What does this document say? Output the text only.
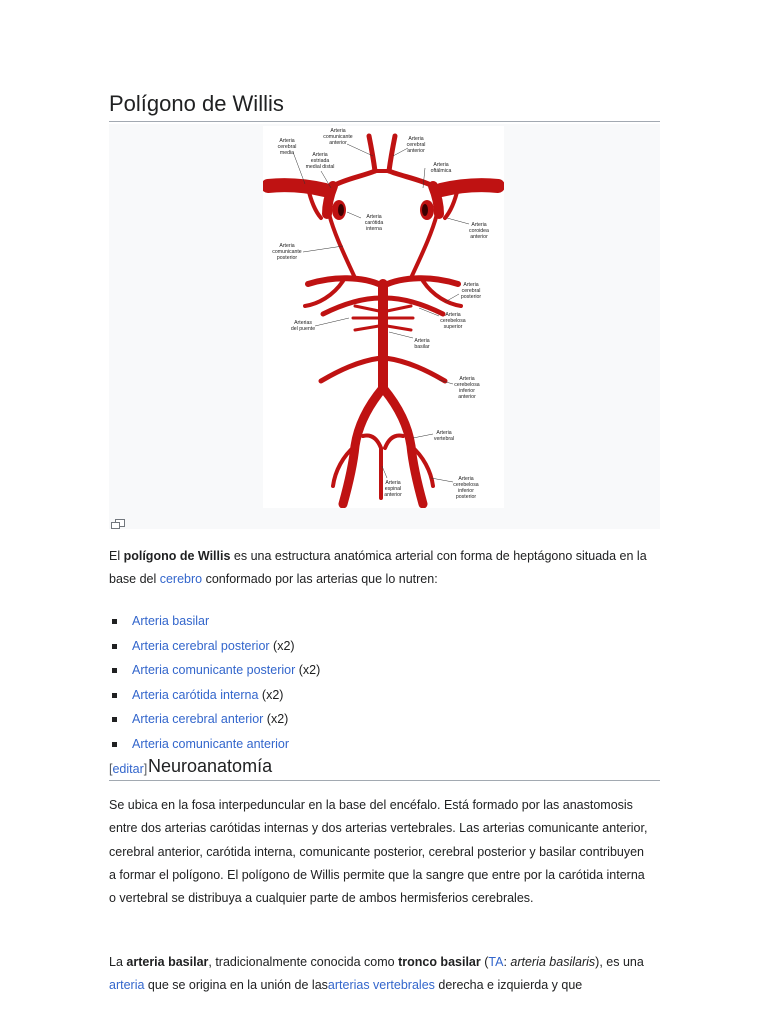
Polígono de Willis
Arteria comunicante anterior
Arteria cerebral media	Arteria estriada medial distal
Arteria cerebral anterior
Arteria oftálmica
Arteria carótida interna
Arteria coroidea anterior
Arteria comunicante posterior
Arteria cerebral posterior
Arterias del puente
Arteria cerebelosa superior
Arteria basilar
Arteria cerebelosa inferior anterior
Arteria vertebral
Arteria espinal anterior
Arteria cerebelosa inferior posterior

El polígono de Willis es una estructura anatómica arterial con forma de heptágono situada en la base del cerebro conformado por las arterias que lo nutren:

Arteria basilar
Arteria cerebral posterior (x2)
Arteria comunicante posterior (x2)
Arteria carótida interna (x2)
Arteria cerebral anterior (x2)
Arteria comunicante anterior
[editar] Neuroanatomía

Se ubica en la fosa interpeduncular en la base del encéfalo. Está formado por las anastomosis entre dos arterias carótidas internas y dos arterias vertebrales. Las arterias comunicante anterior, cerebral anterior, carótida interna, comunicante posterior, cerebral posterior y basilar contribuyen a formar el polígono. El polígono de Willis permite que la sangre que entre por la carótida interna o vertebral se distribuya a cualquier parte de ambos hermisferios cerebrales.

La arteria basilar, tradicionalmente conocida como tronco basilar (TA: arteria basilaris), es una arteria que se origina en la unión de lasarterias vertebrales derecha e izquierda y que
